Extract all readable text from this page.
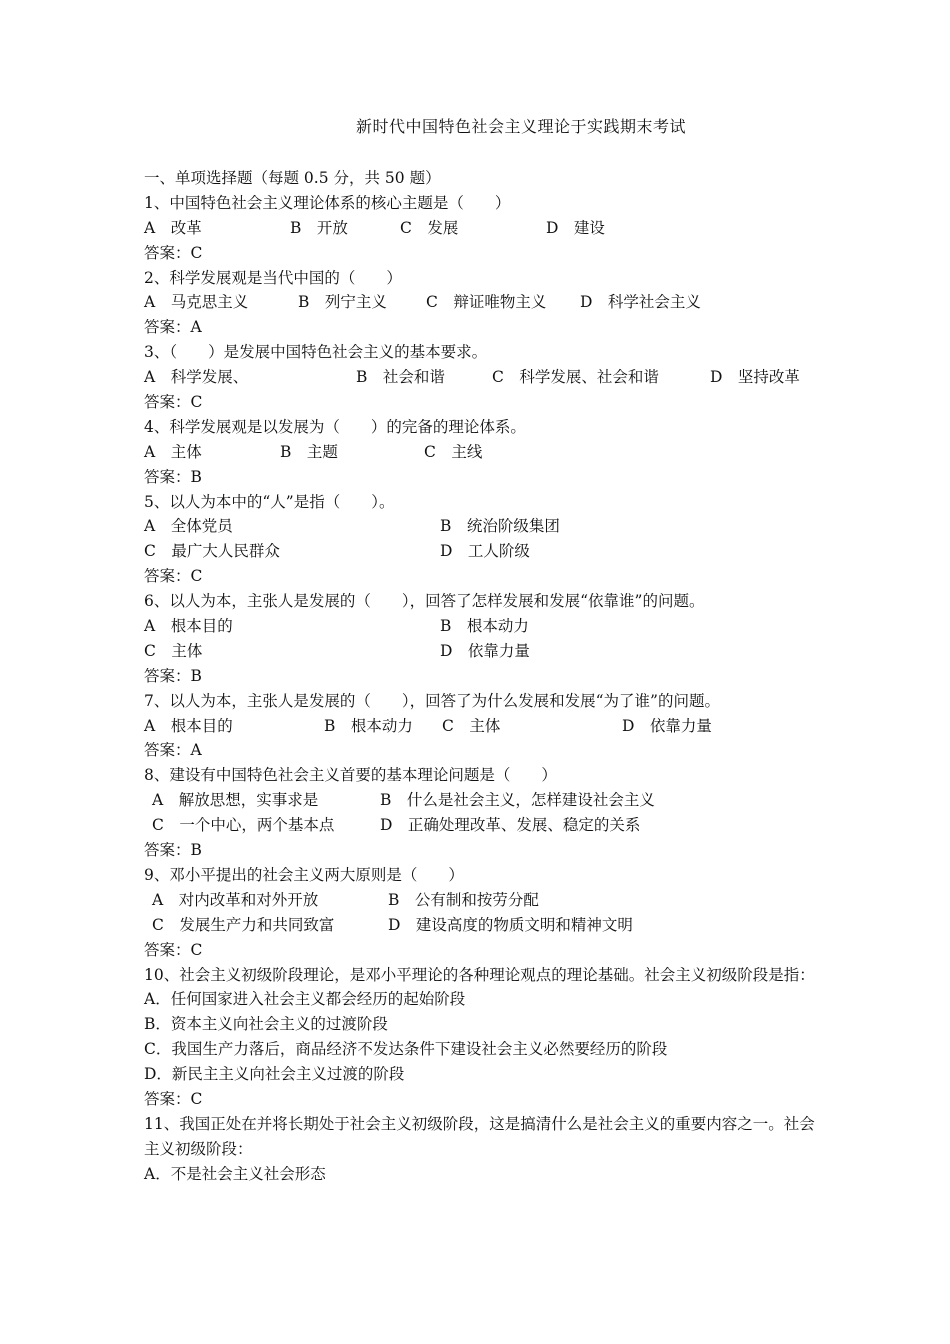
新时代中国特色社会主义理论于实践期末考试
一、单项选择题（每题 0.5 分，共 50 题）
1、中国特色社会主义理论体系的核心主题是（　　）
A　改革	B　开放	C　发展	D　建设
答案：C
2、科学发展观是当代中国的（　　）
A　马克思主义	B　列宁主义	C　辩证唯物主义 D　科学社会主义
答案：A
3、（　　）是发展中国特色社会主义的基本要求。
A　科学发展、	B　社会和谐	C　科学发展、社会和谐	D　坚持改革
答案：C
4、科学发展观是以发展为（　　）的完备的理论体系。
A　主体	B　主题	C　主线
答案：B
5、以人为本中的“人”是指（　　）。
A　全体党员	B　统治阶级集团
C　最广大人民群众	D　工人阶级
答案：C
6、以人为本，主张人是发展的（　　），回答了怎样发展和发展“依靠谁”的问题。
A　根本目的	B　根本动力
C　主体	D　依靠力量
答案：B
7、以人为本，主张人是发展的（　　），回答了为什么发展和发展“为了谁”的问题。
A　根本目的	B　根本动力 C　主体	D　依靠力量
答案：A
8、建设有中国特色社会主义首要的基本理论问题是（　　）
A　解放思想，实事求是	B　什么是社会主义，怎样建设社会主义
C　一个中心，两个基本点	D　正确处理改革、发展、稳定的关系
答案：B
9、邓小平提出的社会主义两大原则是（　　）
A　对内改革和对外开放	B　公有制和按劳分配
C　发展生产力和共同致富	D　建设高度的物质文明和精神文明
答案：C
10、社会主义初级阶段理论，是邓小平理论的各种理论观点的理论基础。社会主义初级阶段是指：
A．任何国家进入社会主义都会经历的起始阶段
B．资本主义向社会主义的过渡阶段
C．我国生产力落后，商品经济不发达条件下建设社会主义必然要经历的阶段
D．新民主主义向社会主义过渡的阶段
答案：C
11、我国正处在并将长期处于社会主义初级阶段，这是搞清什么是社会主义的重要内容之一。社会主义初级阶段：
A．不是社会主义社会形态
